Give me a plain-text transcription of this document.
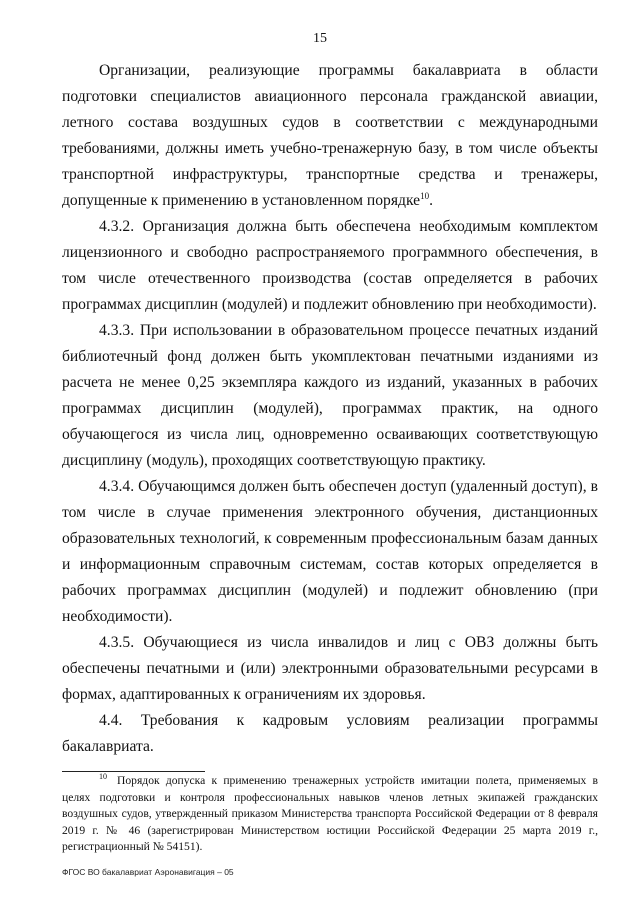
15

Организации, реализующие программы бакалавриата в области подготовки специалистов авиационного персонала гражданской авиации, летного состава воздушных судов в соответствии с международными требованиями, должны иметь учебно-тренажерную базу, в том числе объекты транспортной инфраструктуры, транспортные средства и тренажеры, допущенные к применению в установленном порядке$^{10}$.

4.3.2. Организация должна быть обеспечена необходимым комплектом лицензионного и свободно распространяемого программного обеспечения, в том числе отечественного производства (состав определяется в рабочих программах дисциплин (модулей) и подлежит обновлению при необходимости).

4.3.3. При использовании в образовательном процессе печатных изданий библиотечный фонд должен быть укомплектован печатными изданиями из расчета не менее 0,25 экземпляра каждого из изданий, указанных в рабочих программах дисциплин (модулей), программах практик, на одного обучающегося из числа лиц, одновременно осваивающих соответствующую дисциплину (модуль), проходящих соответствующую практику.

4.3.4. Обучающимся должен быть обеспечен доступ (удаленный доступ), в том числе в случае применения электронного обучения, дистанционных образовательных технологий, к современным профессиональным базам данных и информационным справочным системам, состав которых определяется в рабочих программах дисциплин (модулей) и подлежит обновлению (при необходимости).

4.3.5. Обучающиеся из числа инвалидов и лиц с ОВЗ должны быть обеспечены печатными и (или) электронными образовательными ресурсами в формах, адаптированных к ограничениям их здоровья.

4.4. Требования к кадровым условиям реализации программы бакалавриата.

$^{10}$ Порядок допуска к применению тренажерных устройств имитации полета, применяемых в целях подготовки и контроля профессиональных навыков членов летных экипажей гражданских воздушных судов, утвержденный приказом Министерства транспорта Российской Федерации от 8 февраля 2019 г. № 46 (зарегистрирован Министерством юстиции Российской Федерации 25 марта 2019 г., регистрационный № 54151).

ФГОС ВО бакалавриат Аэронавигация – 05
